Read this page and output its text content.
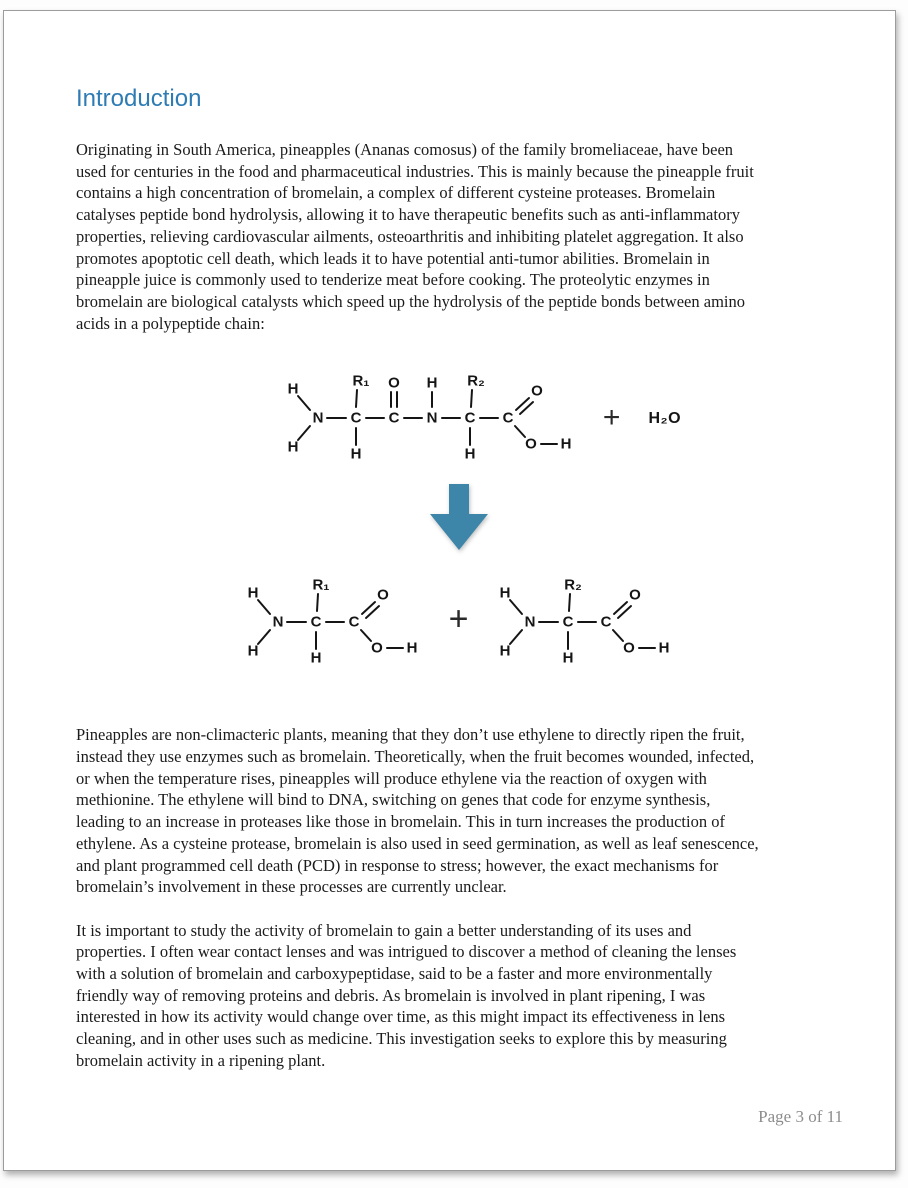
Introduction

Originating in South America, pineapples (Ananas comosus) of the family bromeliaceae, have been
used for centuries in the food and pharmaceutical industries. This is mainly because the pineapple fruit
contains a high concentration of bromelain, a complex of different cysteine proteases. Bromelain
catalyses peptide bond hydrolysis, allowing it to have therapeutic benefits such as anti-inflammatory
properties, relieving cardiovascular ailments, osteoarthritis and inhibiting platelet aggregation. It also
promotes apoptotic cell death, which leads it to have potential anti-tumor abilities. Bromelain in
pineapple juice is commonly used to tenderize meat before cooking. The proteolytic enzymes in
bromelain are biological catalysts which speed up the hydrolysis of the peptide bonds between amino
acids in a polypeptide chain:

H
H
N
R₁
C
H
O
C
H
N
R₂
C
H
C
O
O H
+ H₂O
H
H
N
R₁
C
H
C
O
O H
+
H
H
N
R₂
C
H
C
O
O H

Pineapples are non-climacteric plants, meaning that they don’t use ethylene to directly ripen the fruit,
instead they use enzymes such as bromelain. Theoretically, when the fruit becomes wounded, infected,
or when the temperature rises, pineapples will produce ethylene via the reaction of oxygen with
methionine. The ethylene will bind to DNA, switching on genes that code for enzyme synthesis,
leading to an increase in proteases like those in bromelain. This in turn increases the production of
ethylene. As a cysteine protease, bromelain is also used in seed germination, as well as leaf senescence,
and plant programmed cell death (PCD) in response to stress; however, the exact mechanisms for
bromelain’s involvement in these processes are currently unclear.

It is important to study the activity of bromelain to gain a better understanding of its uses and
properties. I often wear contact lenses and was intrigued to discover a method of cleaning the lenses
with a solution of bromelain and carboxypeptidase, said to be a faster and more environmentally
friendly way of removing proteins and debris. As bromelain is involved in plant ripening, I was
interested in how its activity would change over time, as this might impact its effectiveness in lens
cleaning, and in other uses such as medicine. This investigation seeks to explore this by measuring
bromelain activity in a ripening plant.

Page 3 of 11
